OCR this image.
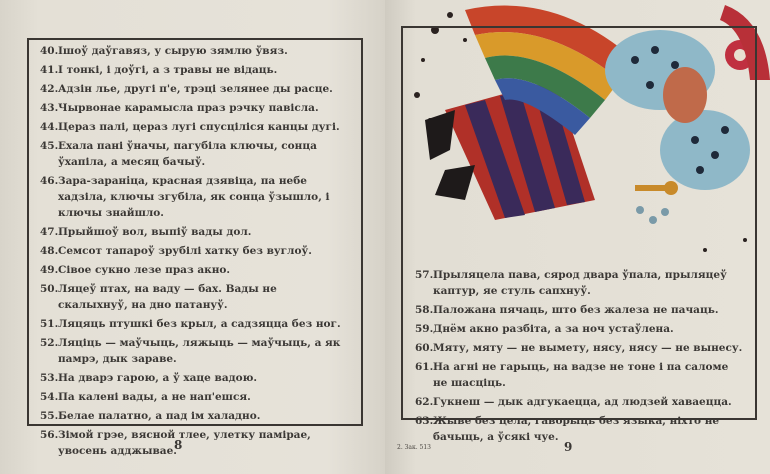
40.Ішоў даўгавяз, у сырую зямлю ўвяз.
41.І тонкі, і доўгі, а з травы не відаць.
42.Адзін лье, другі п'е, трэці зелянее ды расце.
43.Чырвонае карамысла праз рэчку павісла.
44.Цераз палі, цераз лугі спусціліся канцы дугі.
45.Ехала пані ўначы, пагубіла ключы, сонца ўхапіла, а месяц бачыў.
46.Зара-заранiца, красная дзявіца, па небе хадзіла, ключы згубіла, як сонца ўзышло, і ключы знайшло.
47.Прыйшоў вол, выпіў вады дол.
48.Семсот тапароў зрубілі хатку без вуглоў.
49.Сівое сукно лезе праз акно.
50.Ляцеў птах, на ваду — бах. Вады не скалыхнуў, на дно патануў.
51.Ляцяць птушкі без крыл, а садзяцца без ног.
52.Ляціць — маўчыць, ляжыць — маўчыць, а як памрэ, дык зараве.
53.На дварэ гарою, а ў хаце вадою.
54.Па калені вады, а не нап'ешся.
55.Белае палатно, а пад ім халадно.
56.Зімой грэе, вясной тлее, улетку памірае, увосень адджывае.
8
57.Прыляцела пава, сярод двара ўпала, прыляцеў каптур, яе стуль сапхнуў.
58.Паложана пячаць, што без жалеза не пачаць.
59.Днём акно разбіта, а за ноч устаўлена.
60.Мяту, мяту — не вымету, нясу, нясу — не вынесу.
61.На агні не гарыць, на вадзе не тоне і па саломе не шасціць.
62.Гукнеш — дык адгукаецца, ад людзей хаваецца.
63.Жыве без цела, гаворыць без языка, ніхто не бачыць, а ўсякі чуе.
2. Зак. 513	9
